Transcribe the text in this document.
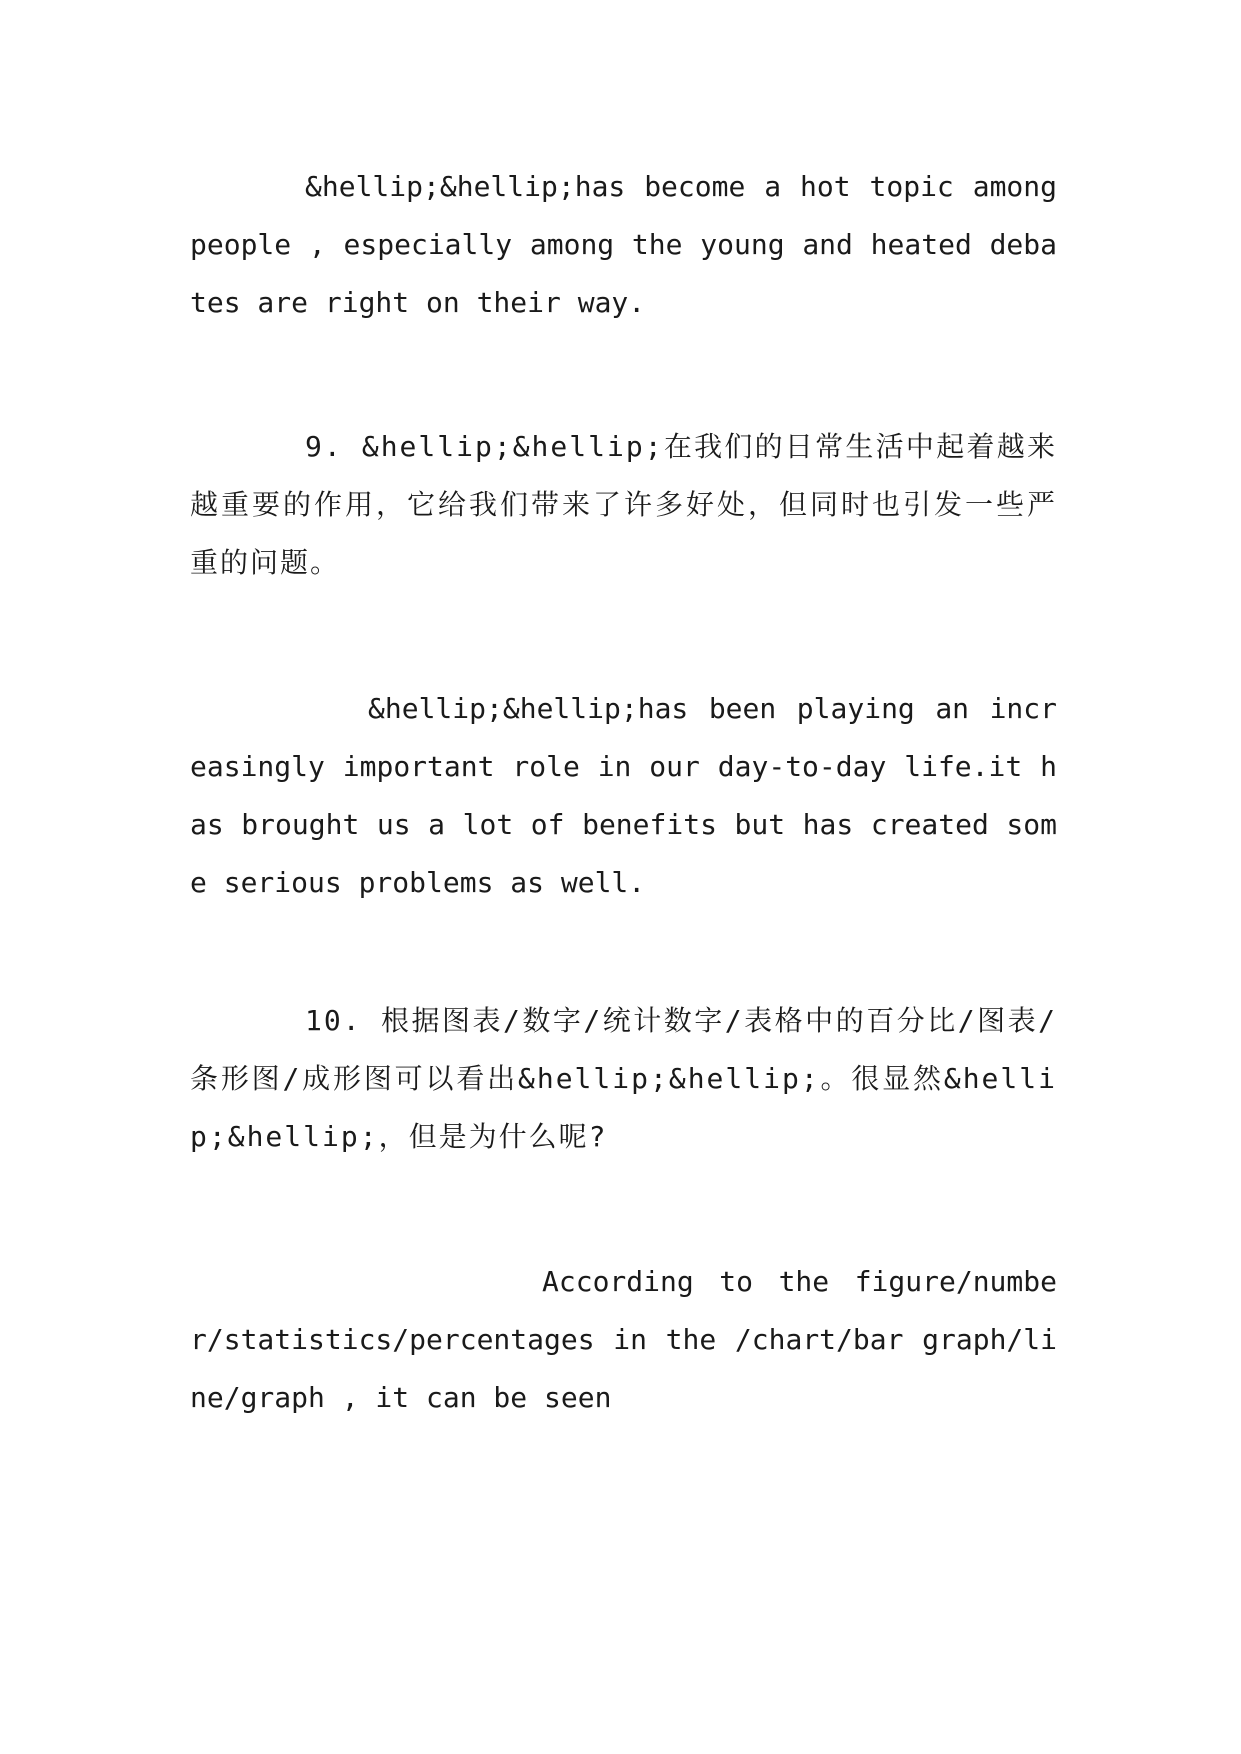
&hellip;&hellip;has become a hot topic among people , especially among the young and heated debates are right on their way.

9. &hellip;&hellip;在我们的日常生活中起着越来越重要的作用，它给我们带来了许多好处，但同时也引发一些严重的问题。

&hellip;&hellip;has been playing an increasingly important role in our day-to-day life.it has brought us a lot of benefits but has created some serious problems as well.

10. 根据图表/数字/统计数字/表格中的百分比/图表/条形图/成形图可以看出&hellip;&hellip;。很显然&hellip;&hellip;，但是为什么呢?

According to the figure/number/statistics/percentages in the /chart/bar graph/line/graph , it can be seen
